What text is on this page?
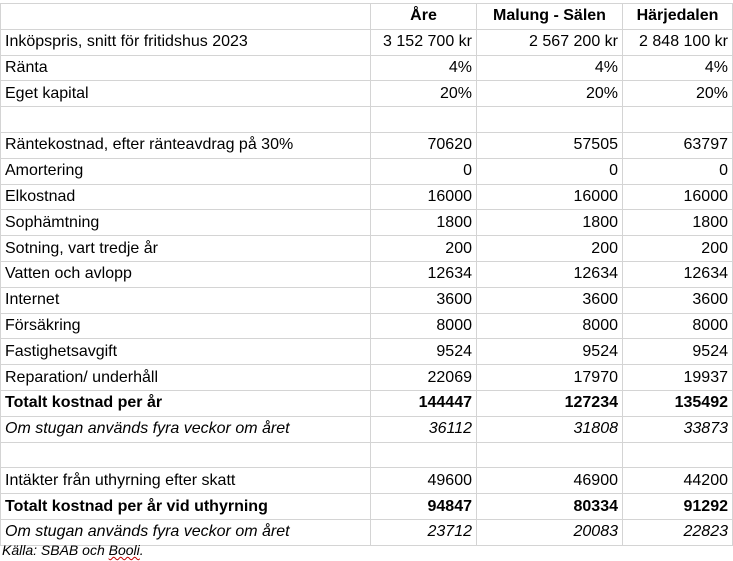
	Åre	Malung - Sälen	Härjedalen
Inköpspris, snitt för fritidshus 2023	3 152 700 kr	2 567 200 kr	2 848 100 kr
Ränta	4%	4%	4%
Eget kapital	20%	20%	20%

Räntekostnad, efter ränteavdrag på 30%	70620	57505	63797
Amortering	0	0	0
Elkostnad	16000	16000	16000
Sophämtning	1800	1800	1800
Sotning, vart tredje år	200	200	200
Vatten och avlopp	12634	12634	12634
Internet	3600	3600	3600
Försäkring	8000	8000	8000
Fastighetsavgift	9524	9524	9524
Reparation/ underhåll	22069	17970	19937
Totalt kostnad per år	144447	127234	135492
Om stugan används fyra veckor om året	36112	31808	33873

Intäkter från uthyrning efter skatt	49600	46900	44200
Totalt kostnad per år vid uthyrning	94847	80334	91292
Om stugan används fyra veckor om året	23712	20083	22823
Källa: SBAB och Booli.
